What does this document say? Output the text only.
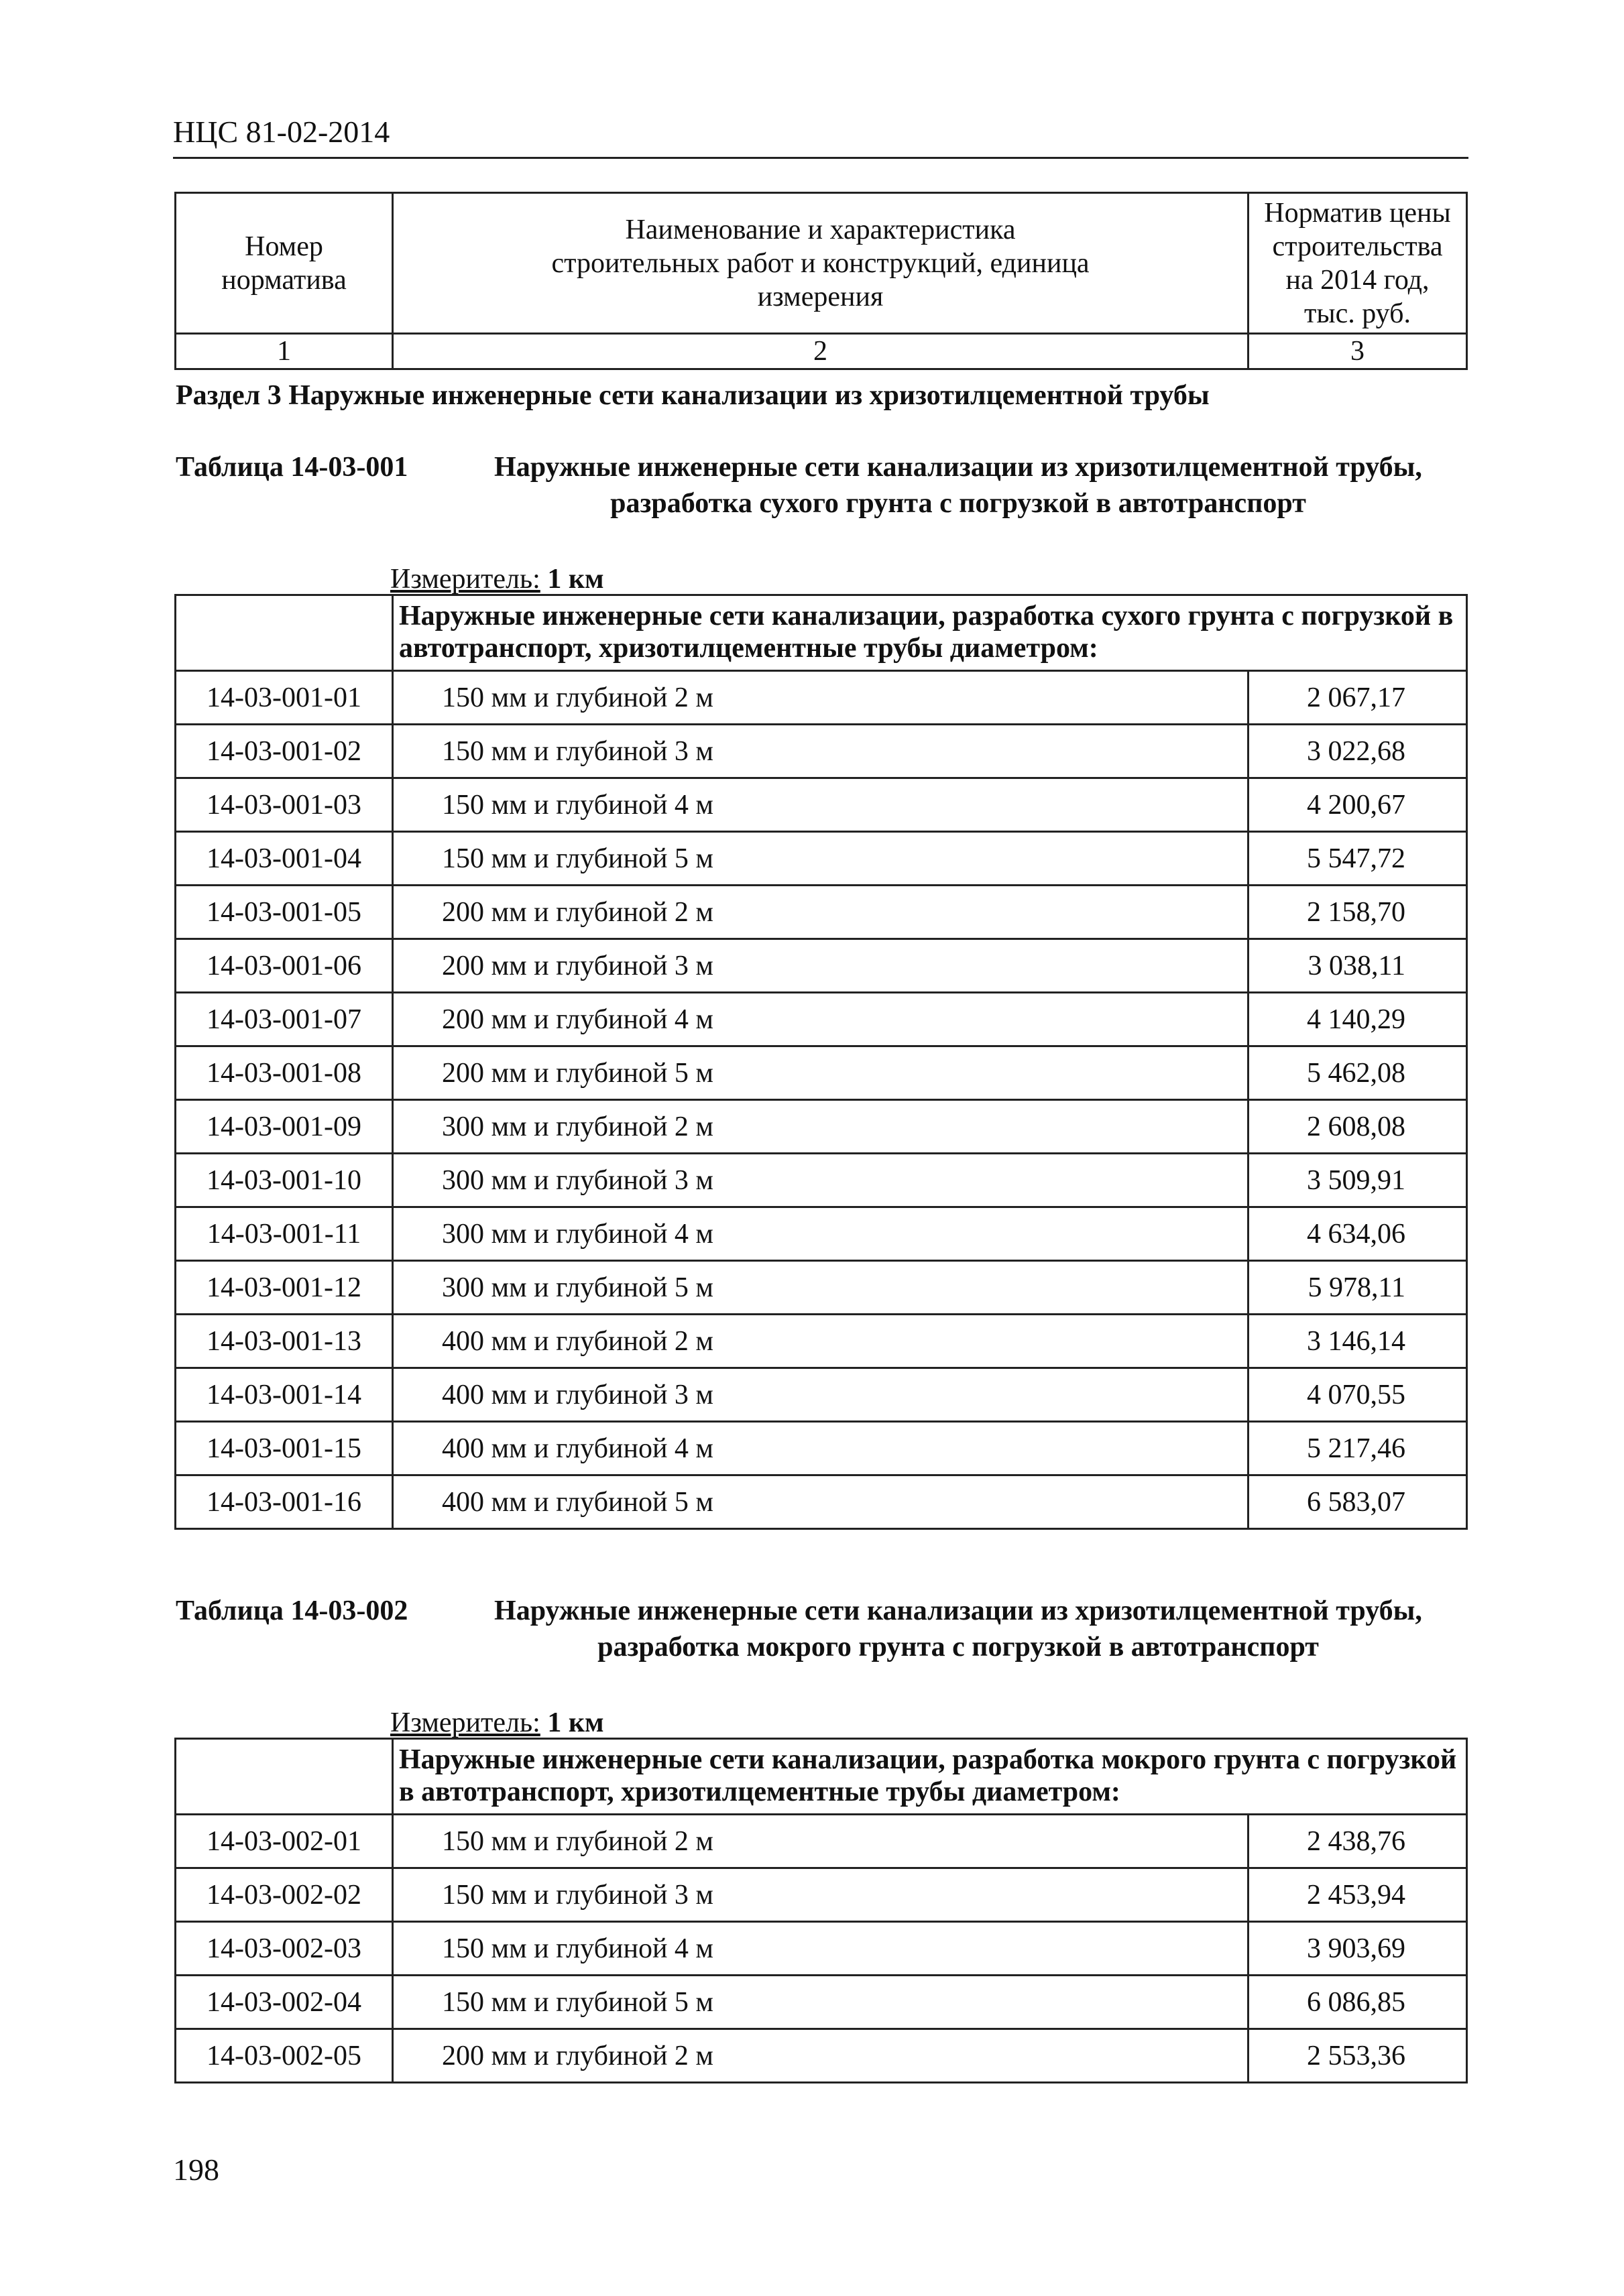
НЦС 81-02-2014
Номер норматива	Наименование и характеристика строительных работ и конструкций, единица измерения	Норматив цены строительства на 2014 год, тыс. руб.
1	2	3
Раздел 3 Наружные инженерные сети канализации из хризотилцементной трубы
Таблица 14-03-001	Наружные инженерные сети канализации из хризотилцементной трубы, разработка сухого грунта с погрузкой в автотранспорт
Измеритель: 1 км
	Наружные инженерные сети канализации, разработка сухого грунта с погрузкой в автотранспорт, хризотилцементные трубы диаметром:	
14-03-001-01	150 мм и глубиной 2 м	2 067,17
14-03-001-02	150 мм и глубиной 3 м	3 022,68
14-03-001-03	150 мм и глубиной 4 м	4 200,67
14-03-001-04	150 мм и глубиной 5 м	5 547,72
14-03-001-05	200 мм и глубиной 2 м	2 158,70
14-03-001-06	200 мм и глубиной 3 м	3 038,11
14-03-001-07	200 мм и глубиной 4 м	4 140,29
14-03-001-08	200 мм и глубиной 5 м	5 462,08
14-03-001-09	300 мм и глубиной 2 м	2 608,08
14-03-001-10	300 мм и глубиной 3 м	3 509,91
14-03-001-11	300 мм и глубиной 4 м	4 634,06
14-03-001-12	300 мм и глубиной 5 м	5 978,11
14-03-001-13	400 мм и глубиной 2 м	3 146,14
14-03-001-14	400 мм и глубиной 3 м	4 070,55
14-03-001-15	400 мм и глубиной 4 м	5 217,46
14-03-001-16	400 мм и глубиной 5 м	6 583,07
Таблица 14-03-002	Наружные инженерные сети канализации из хризотилцементной трубы, разработка мокрого грунта с погрузкой в автотранспорт
Измеритель: 1 км
	Наружные инженерные сети канализации, разработка мокрого грунта с погрузкой в автотранспорт, хризотилцементные трубы диаметром:	
14-03-002-01	150 мм и глубиной 2 м	2 438,76
14-03-002-02	150 мм и глубиной 3 м	2 453,94
14-03-002-03	150 мм и глубиной 4 м	3 903,69
14-03-002-04	150 мм и глубиной 5 м	6 086,85
14-03-002-05	200 мм и глубиной 2 м	2 553,36
198
